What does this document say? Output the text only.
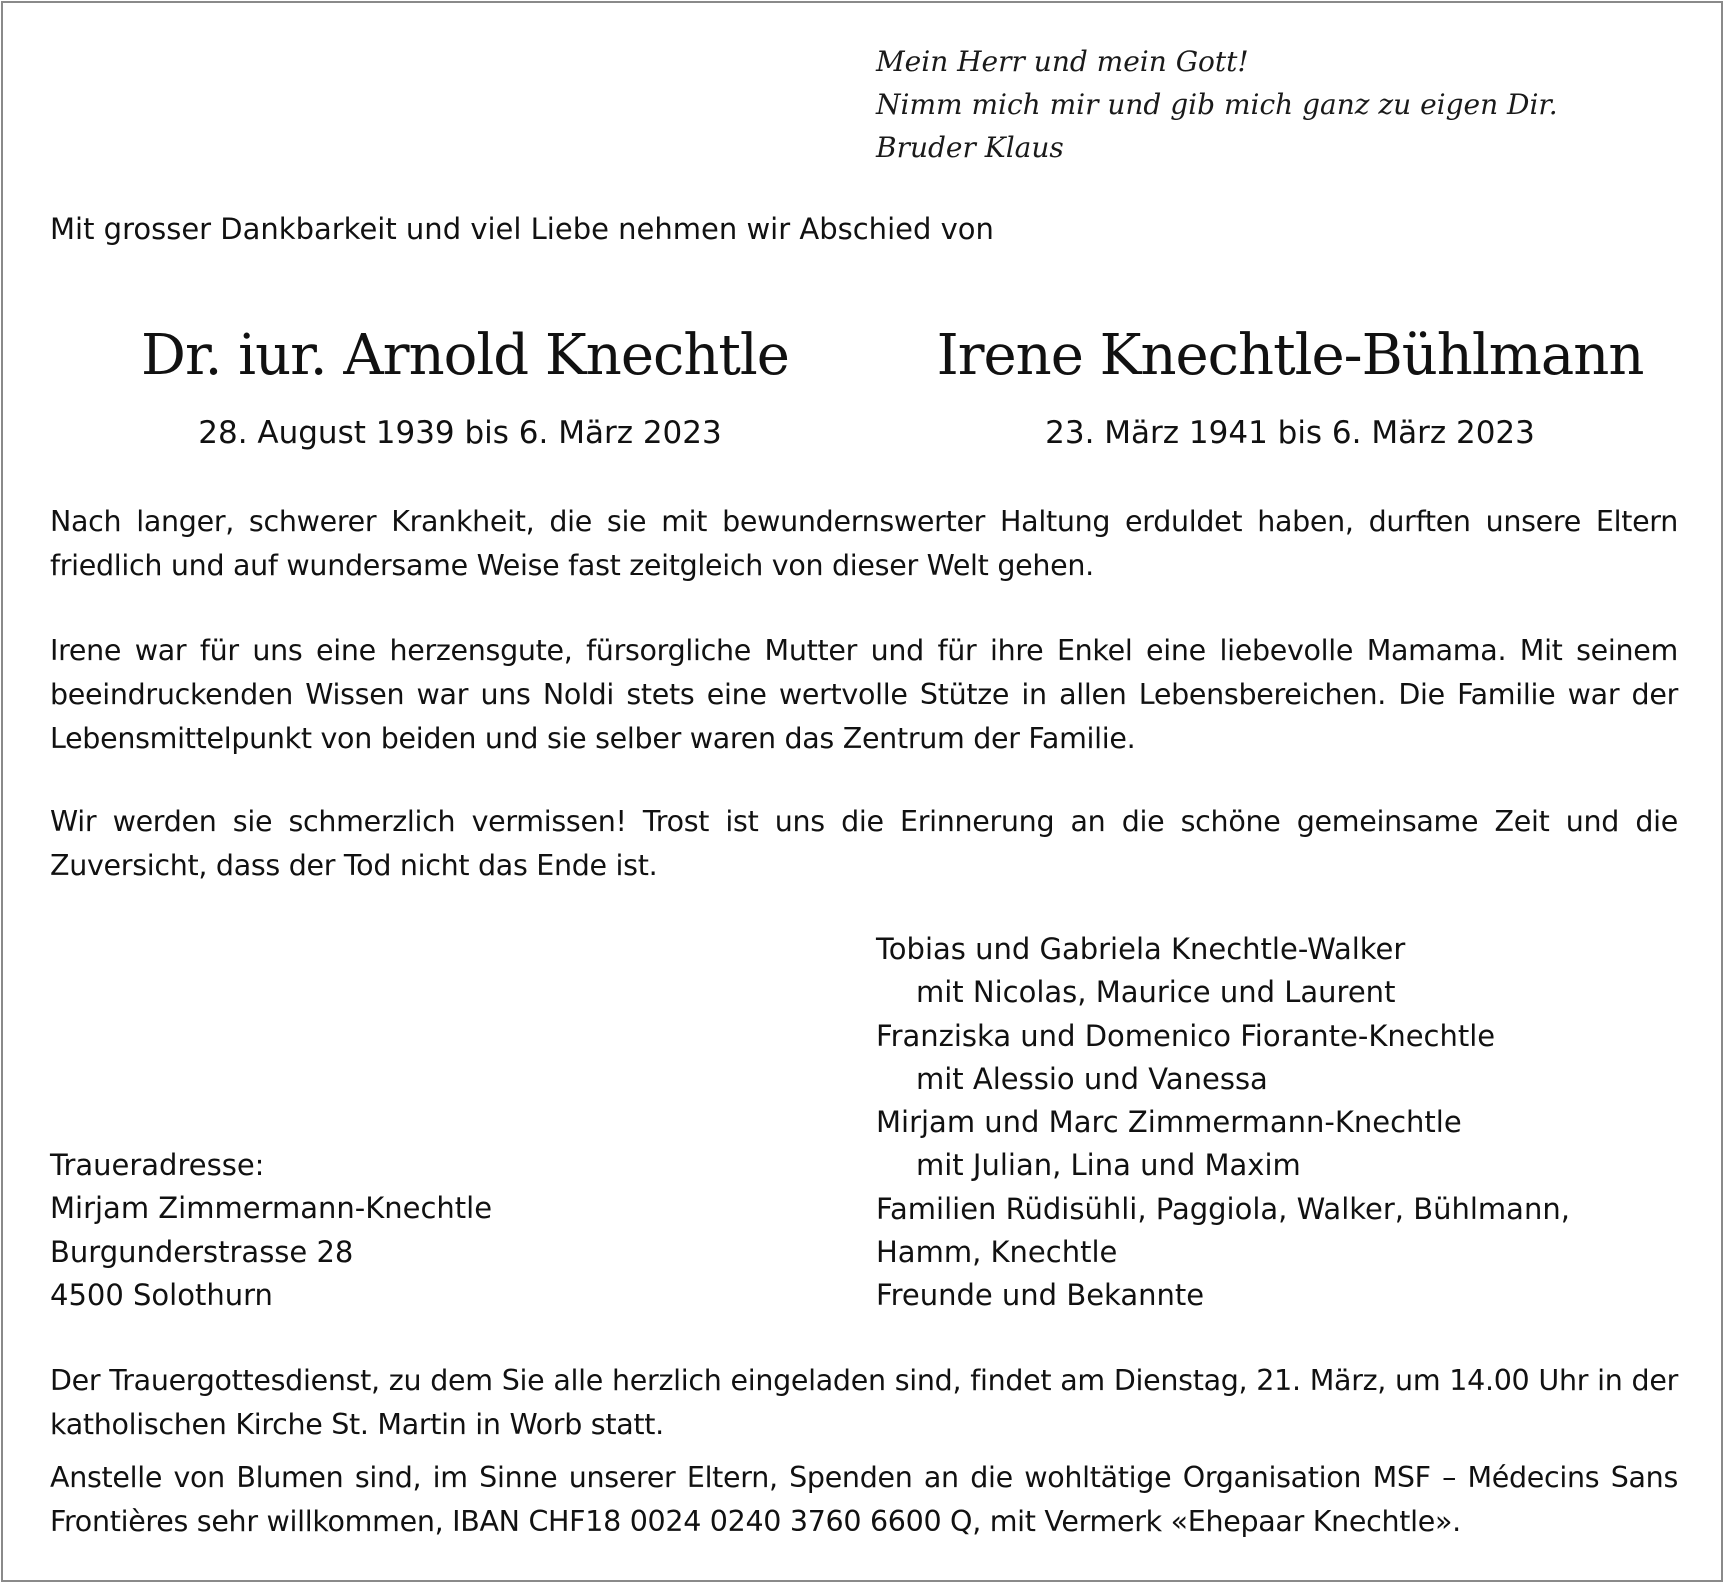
Mein Herr und mein Gott!
Nimm mich mir und gib mich ganz zu eigen Dir.
Bruder Klaus
Mit grosser Dankbarkeit und viel Liebe nehmen wir Abschied von
Dr. iur. Arnold Knechtle	Irene Knechtle-Bühlmann
28. August 1939 bis 6. März 2023	23. März 1941 bis 6. März 2023
Nach langer, schwerer Krankheit, die sie mit bewundernswerter Haltung erduldet haben, durften unsere Eltern friedlich und auf wundersame Weise fast zeitgleich von dieser Welt gehen.
Irene war für uns eine herzensgute, fürsorgliche Mutter und für ihre Enkel eine liebevolle Mamama. Mit seinem beeindruckenden Wissen war uns Noldi stets eine wertvolle Stütze in allen Lebensbereichen. Die Familie war der Lebensmittelpunkt von beiden und sie selber waren das Zentrum der Familie.
Wir werden sie schmerzlich vermissen! Trost ist uns die Erinnerung an die schöne gemeinsame Zeit und die Zuversicht, dass der Tod nicht das Ende ist.
Tobias und Gabriela Knechtle-Walker
mit Nicolas, Maurice und Laurent
Franziska und Domenico Fiorante-Knechtle
mit Alessio und Vanessa
Mirjam und Marc Zimmermann-Knechtle
mit Julian, Lina und Maxim
Familien Rüdisühli, Paggiola, Walker, Bühlmann,
Hamm, Knechtle
Freunde und Bekannte
Traueradresse:
Mirjam Zimmermann-Knechtle
Burgunderstrasse 28
4500 Solothurn
Der Trauergottesdienst, zu dem Sie alle herzlich eingeladen sind, findet am Dienstag, 21. März, um 14.00 Uhr in der katholischen Kirche St. Martin in Worb statt.
Anstelle von Blumen sind, im Sinne unserer Eltern, Spenden an die wohltätige Organisation MSF – Médecins Sans Frontières sehr willkommen, IBAN CHF18 0024 0240 3760 6600 Q, mit Vermerk «Ehepaar Knechtle».
